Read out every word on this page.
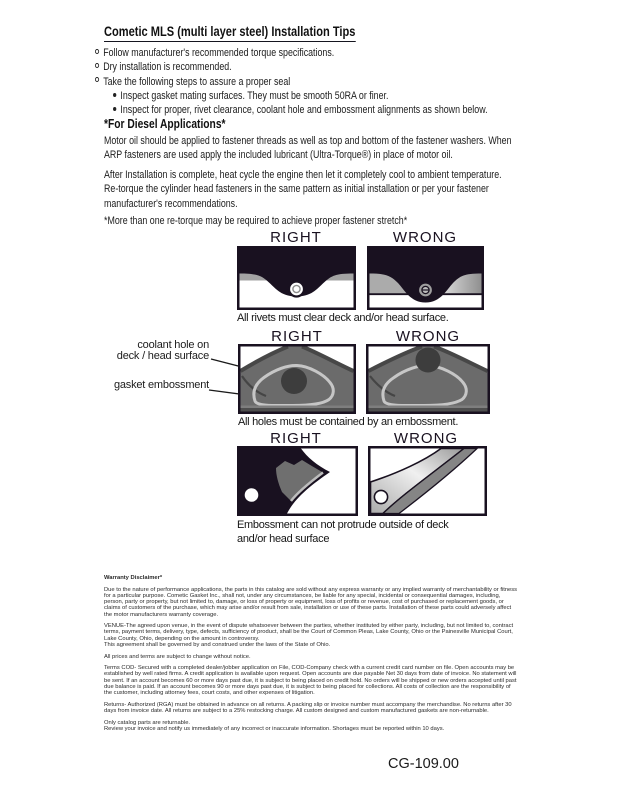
Cometic MLS (multi layer steel) Installation Tips
Follow manufacturer's recommended torque specifications.
Dry installation is recommended.
Take the following steps to assure a proper seal
Inspect gasket mating surfaces. They must be smooth 50RA or finer.
Inspect for proper, rivet clearance, coolant hole and embossment alignments as shown below.
*For Diesel Applications*

Motor oil should be applied to fastener threads as well as top and bottom of the fastener washers. When ARP fasteners are used apply the included lubricant (Ultra-Torque®) in place of motor oil.

After Installation is complete, heat cycle the engine then let it completely cool to ambient temperature. Re-torque the cylinder head fasteners in the same pattern as initial installation or per your fastener manufacturer's recommendations.

*More than one re-torque may be required to achieve proper fastener stretch*

RIGHT	WRONG
All rivets must clear deck and/or head surface.
RIGHT	WRONG
coolant hole on
deck / head surface
gasket embossment
All holes must be contained by an embossment.
RIGHT	WRONG
Embossment can not protrude outside of deck and/or head surface

Warranty Disclaimer*

Due to the nature of performance applications, the parts in this catalog are sold without any express warranty or any implied warranty of merchantability or fitness for a particular purpose. Cometic Gasket Inc., shall not, under any circumstances, be liable for any special, incidental or consequential damages, including, person, party or property, but not limited to, damage, or loss of property or equipment, loss of profits or revenue, cost of purchased or replacement goods, or claims of customers of the purchase, which may arise and/or result from sale, installation or use of these parts. Installation of these parts could adversely affect the motor manufacturers warranty coverage.

VENUE-The agreed upon venue, in the event of dispute whatsoever between the parties, whether instituted by either party, including, but not limited to, contract terms, payment terms, delivery, type, defects, sufficiency of product, shall be the Court of Common Pleas, Lake County, Ohio or the Painesville Municipal Court, Lake County, Ohio, depending on the amount in controversy.

This agreement shall be governed by and construed under the laws of the State of Ohio.

All prices and terms are subject to change without notice.

Terms COD- Secured with a completed dealer/jobber application on File, COD-Company check with a current credit card number on file. Open accounts may be established by well rated firms. A credit application is available upon request. Open accounts are due payable Net 30 days from date of invoice. No statement will be sent. If an account becomes 60 or more days past due, it is subject to being placed on credit hold. No orders will be shipped or new orders accepted until past due balance is paid. If an account becomes 90 or more days past due, it is subject to being placed for collections. All costs of collection are the responsibility of the customer, including attorney fees, court costs, and other expenses of litigation.

Returns- Authorized (RGA) must be obtained in advance on all returns. A packing slip or invoice number must accompany the merchandise. No returns after 30 days from invoice date. All returns are subject to a 25% restocking charge. All custom designed and custom manufactured gaskets are non-returnable.

Only catalog parts are returnable.

Review your invoice and notify us immediately of any incorrect or inaccurate information. Shortages must be reported within 10 days.

CG-109.00
